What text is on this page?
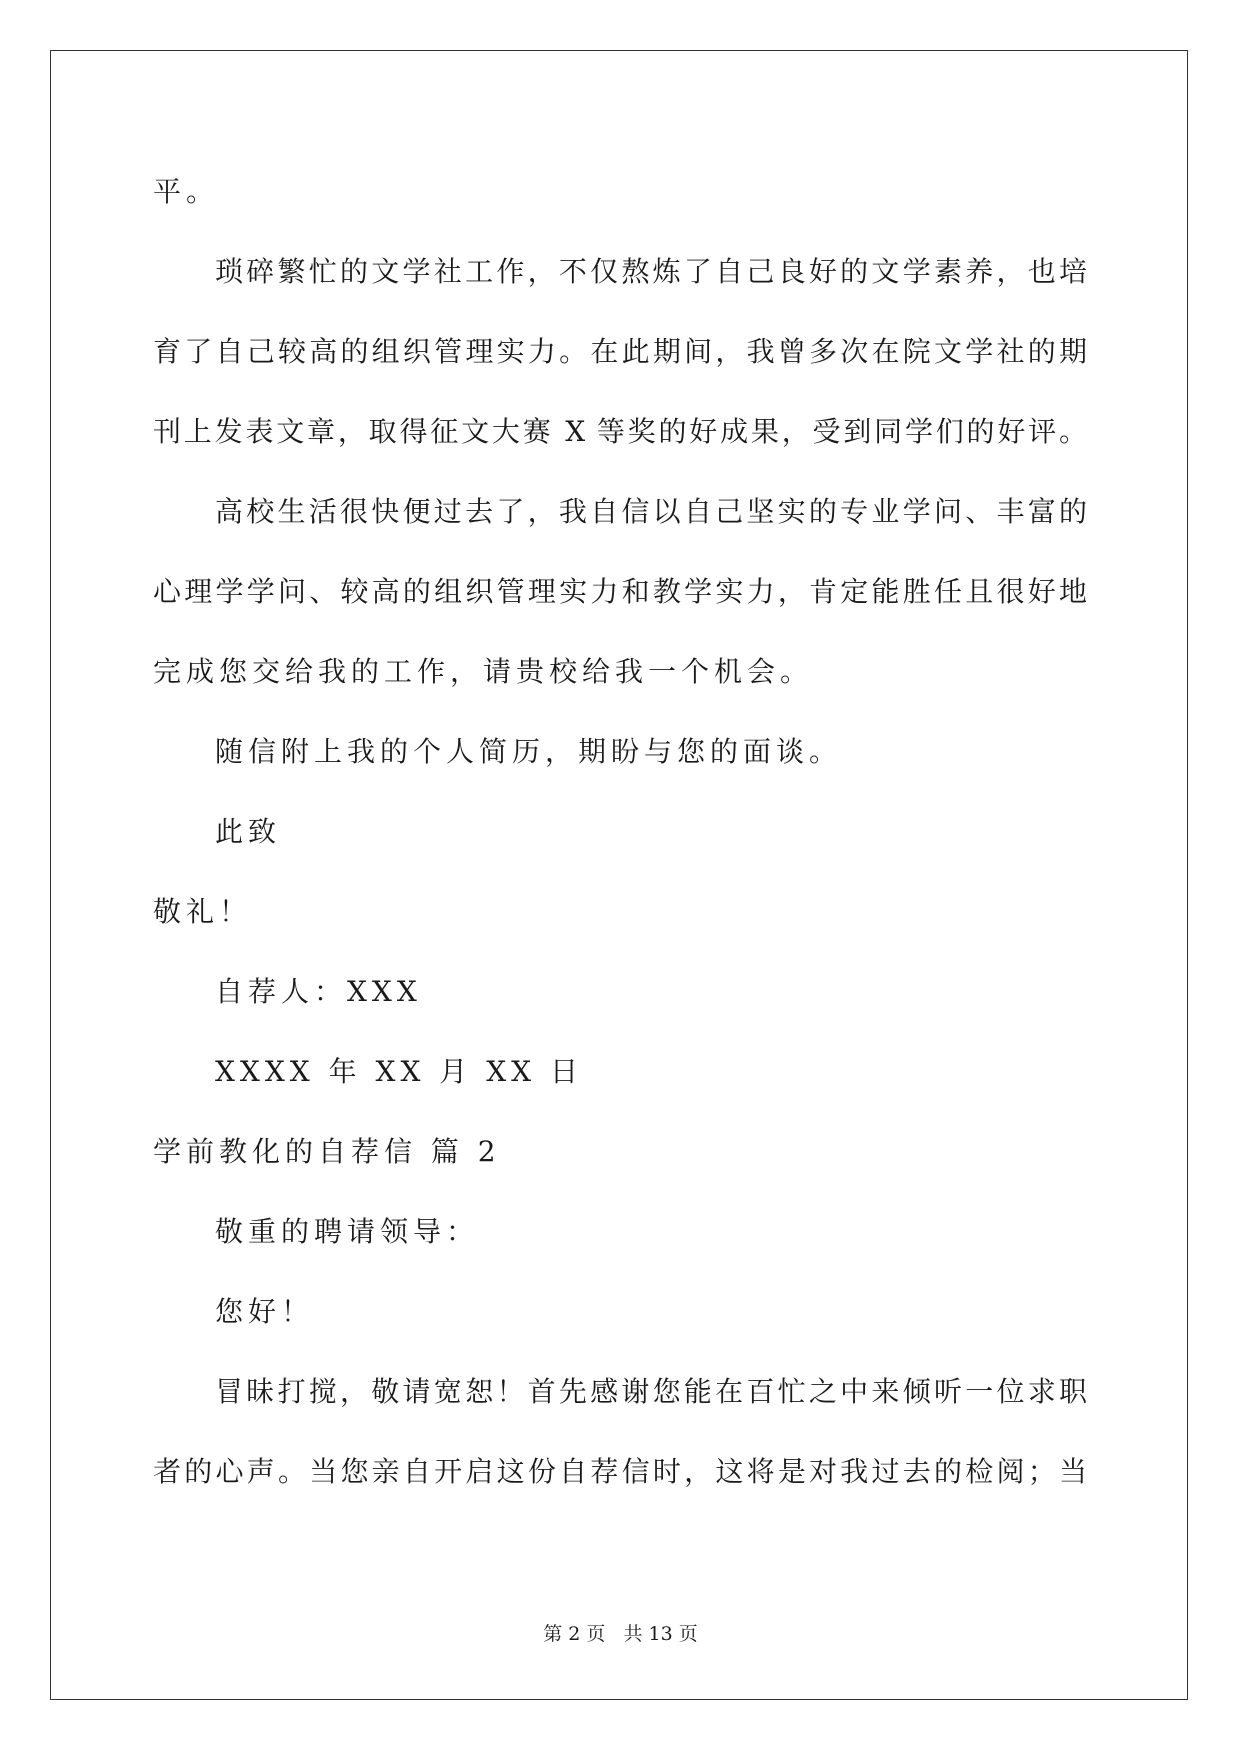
平。
琐碎繁忙的文学社工作，不仅熬炼了自己良好的文学素养，也培
育了自己较高的组织管理实力。在此期间，我曾多次在院文学社的期
刊上发表文章，取得征文大赛 X 等奖的好成果，受到同学们的好评。
高校生活很快便过去了，我自信以自己坚实的专业学问、丰富的
心理学学问、较高的组织管理实力和教学实力，肯定能胜任且很好地
完成您交给我的工作，请贵校给我一个机会。
随信附上我的个人简历，期盼与您的面谈。
此致
敬礼！
自荐人：XXX
XXXX 年 XX 月 XX 日
学前教化的自荐信 篇 2
敬重的聘请领导：
您好！
冒昧打搅，敬请宽恕！首先感谢您能在百忙之中来倾听一位求职
者的心声。当您亲自开启这份自荐信时，这将是对我过去的检阅；当
第 2 页 共 13 页
